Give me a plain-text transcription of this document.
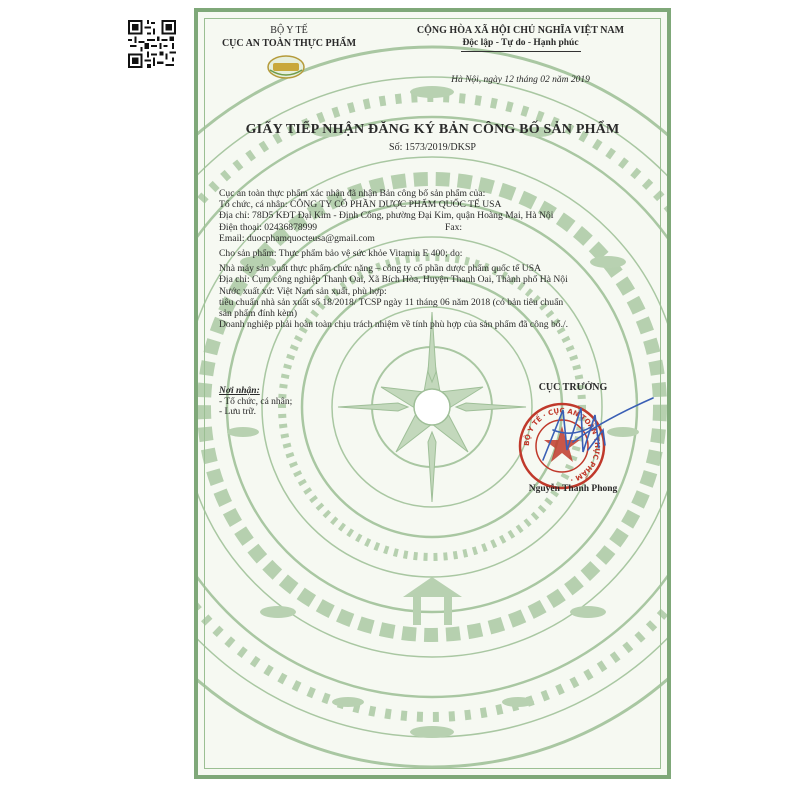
BỘ Y TẾ
CỤC AN TOÀN THỰC PHẨM
CỘNG HÒA XÃ HỘI CHỦ NGHĨA VIỆT NAM
Độc lập - Tự do - Hạnh phúc
Hà Nội, ngày 12 tháng 02 năm 2019
GIẤY TIẾP NHẬN ĐĂNG KÝ BẢN CÔNG BỐ SẢN PHẨM
Số: 1573/2019/DKSP
Cục an toàn thực phẩm xác nhận đã nhận Bản công bố sản phẩm của:
Tổ chức, cá nhân: CÔNG TY CỔ PHẦN DƯỢC PHẨM QUỐC TẾ USA
Địa chỉ: 78D5 KĐT Đại Kim - Định Công, phường Đại Kim, quận Hoàng Mai, Hà Nội
Điện thoại: 02436878999	Fax:
Email: duocphamquocteusa@gmail.com
Cho sản phẩm: Thực phẩm bảo vệ sức khỏe Vitamin E 400; do:
Nhà máy sản xuất thực phẩm chức năng – công ty cổ phần dược phẩm quốc tế USA
Địa chỉ: Cụm công nghiệp Thanh Oai, Xã Bích Hòa, Huyện Thanh Oai, Thành phố Hà Nội
Nước xuất xứ: Việt Nam sản xuất, phù hợp:
tiêu chuẩn nhà sản xuất số 18/2018/ TCSP ngày 11 tháng 06 năm 2018 (có bản tiêu chuẩn
sản phẩm đính kèm)
Doanh nghiệp phải hoàn toàn chịu trách nhiệm về tính phù hợp của sản phẩm đã công bố./.
Nơi nhận:
- Tổ chức, cá nhân;
- Lưu trữ.
CỤC TRƯỞNG
BỘ Y TẾ · CỤC AN TOÀN THỰC PHẨM ·
Nguyễn Thanh Phong
